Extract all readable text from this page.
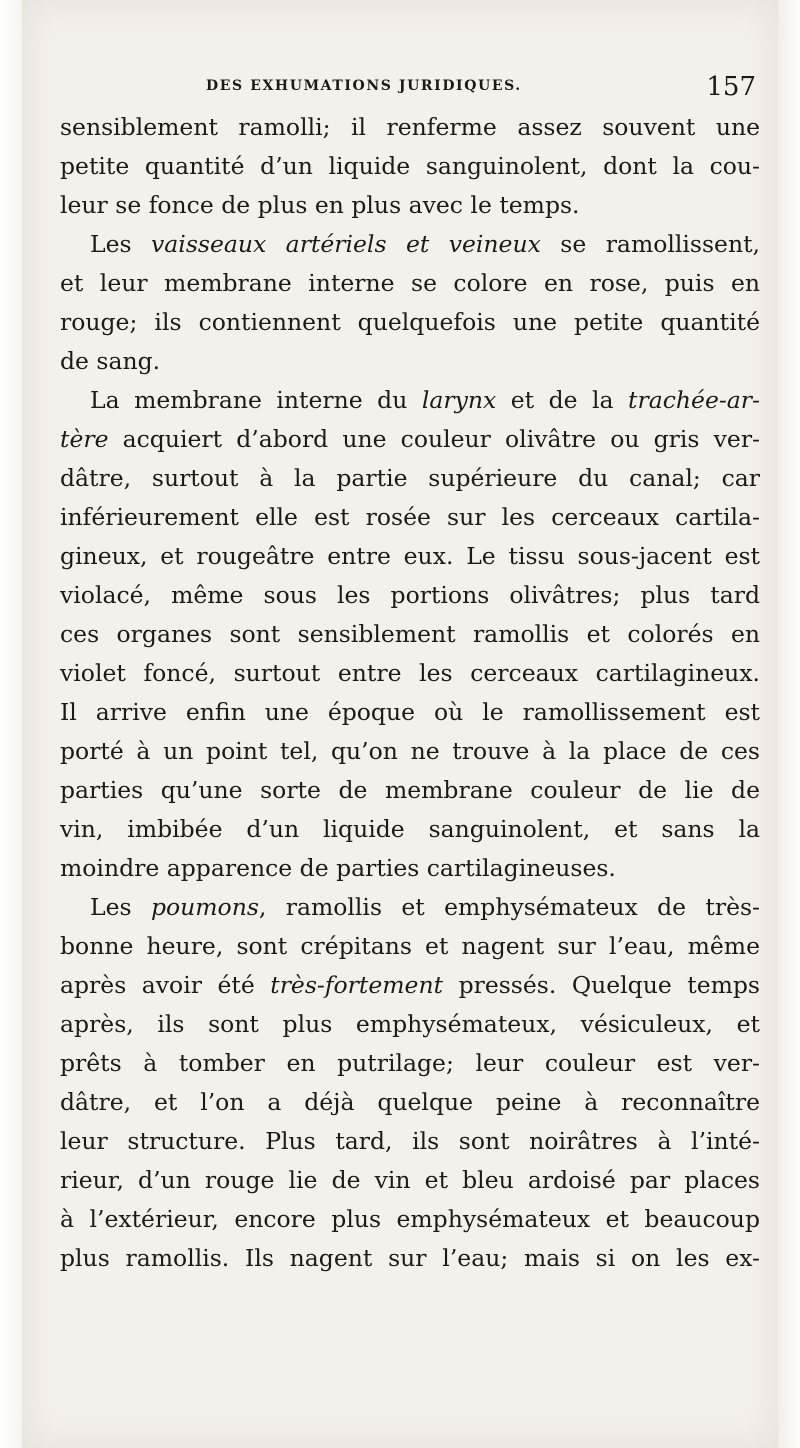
DES EXHUMATIONS JURIDIQUES.	157
sensiblement ramolli; il renferme assez souvent une
petite quantité d’un liquide sanguinolent, dont la cou-
leur se fonce de plus en plus avec le temps.
Les vaisseaux artériels et veineux se ramollissent,
et leur membrane interne se colore en rose, puis en
rouge; ils contiennent quelquefois une petite quantité
de sang.
La membrane interne du larynx et de la trachée-ar-
tère acquiert d’abord une couleur olivâtre ou gris ver-
dâtre, surtout à la partie supérieure du canal; car
inférieurement elle est rosée sur les cerceaux cartila-
gineux, et rougeâtre entre eux. Le tissu sous-jacent est
violacé, même sous les portions olivâtres; plus tard
ces organes sont sensiblement ramollis et colorés en
violet foncé, surtout entre les cerceaux cartilagineux.
Il arrive enfin une époque où le ramollissement est
porté à un point tel, qu’on ne trouve à la place de ces
parties qu’une sorte de membrane couleur de lie de
vin, imbibée d’un liquide sanguinolent, et sans la
moindre apparence de parties cartilagineuses.
Les poumons, ramollis et emphysémateux de très-
bonne heure, sont crépitans et nagent sur l’eau, même
après avoir été très-fortement pressés. Quelque temps
après, ils sont plus emphysémateux, vésiculeux, et
prêts à tomber en putrilage; leur couleur est ver-
dâtre, et l’on a déjà quelque peine à reconnaître
leur structure. Plus tard, ils sont noirâtres à l’inté-
rieur, d’un rouge lie de vin et bleu ardoisé par places
à l’extérieur, encore plus emphysémateux et beaucoup
plus ramollis. Ils nagent sur l’eau; mais si on les ex-
